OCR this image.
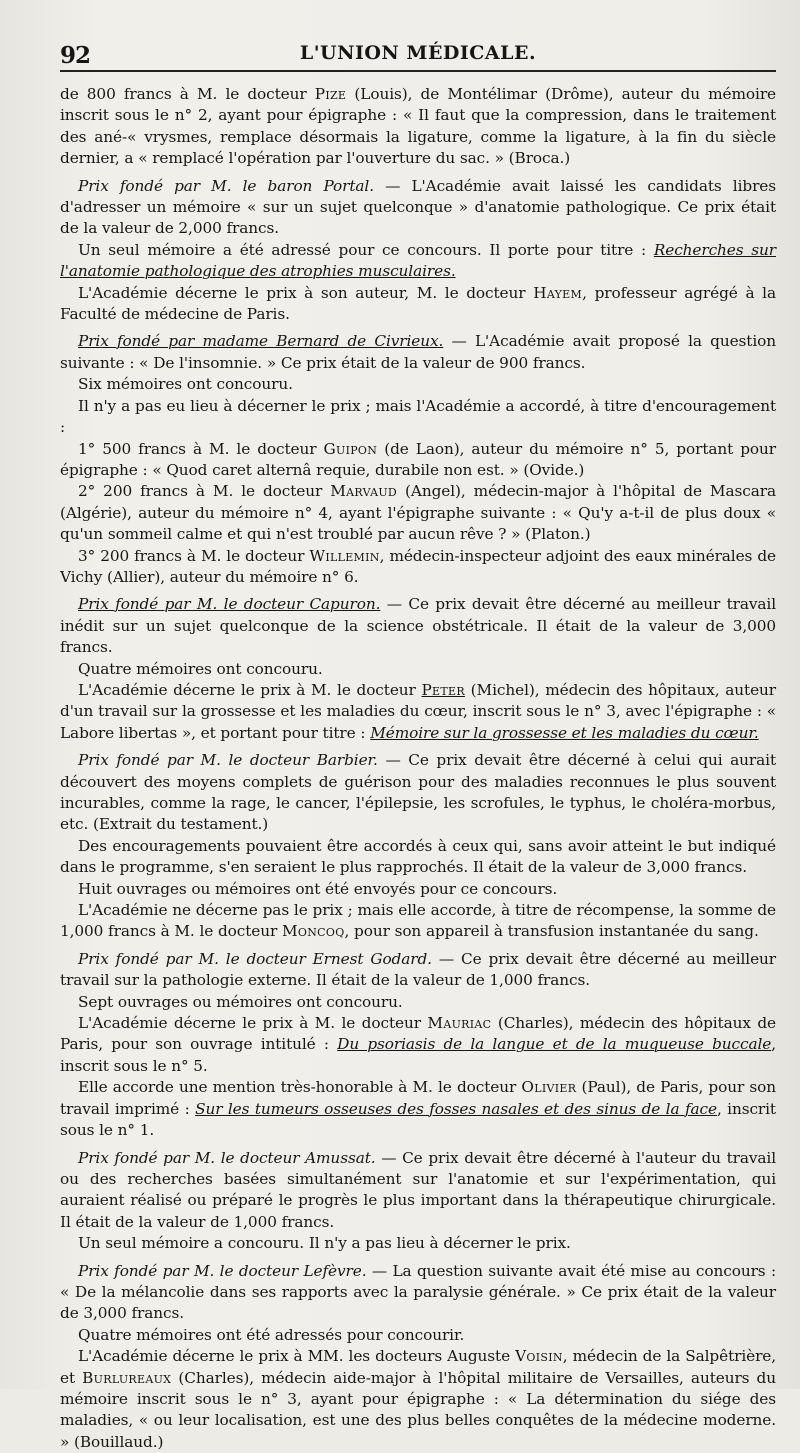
92	L'UNION MÉDICALE.

de 800 francs à M. le docteur Pize (Louis), de Montélimar (Drôme), auteur du mémoire inscrit sous le n° 2, ayant pour épigraphe : « Il faut que la compression, dans le traitement des ané-« vrysmes, remplace désormais la ligature, comme la ligature, à la fin du siècle dernier, a « remplacé l'opération par l'ouverture du sac. » (Broca.)

Prix fondé par M. le baron Portal. — L'Académie avait laissé les candidats libres d'adresser un mémoire « sur un sujet quelconque » d'anatomie pathologique. Ce prix était de la valeur de 2,000 francs.

Un seul mémoire a été adressé pour ce concours. Il porte pour titre : Recherches sur l'anatomie pathologique des atrophies musculaires.

L'Académie décerne le prix à son auteur, M. le docteur Hayem, professeur agrégé à la Faculté de médecine de Paris.

Prix fondé par madame Bernard de Civrieux. — L'Académie avait proposé la question suivante : « De l'insomnie. » Ce prix était de la valeur de 900 francs.

Six mémoires ont concouru.

Il n'y a pas eu lieu à décerner le prix ; mais l'Académie a accordé, à titre d'encouragement :

1° 500 francs à M. le docteur Guipon (de Laon), auteur du mémoire n° 5, portant pour épigraphe : « Quod caret alternâ requie, durabile non est. » (Ovide.)

2° 200 francs à M. le docteur Marvaud (Angel), médecin-major à l'hôpital de Mascara (Algérie), auteur du mémoire n° 4, ayant l'épigraphe suivante : « Qu'y a-t-il de plus doux « qu'un sommeil calme et qui n'est troublé par aucun rêve ? » (Platon.)

3° 200 francs à M. le docteur Willemin, médecin-inspecteur adjoint des eaux minérales de Vichy (Allier), auteur du mémoire n° 6.

Prix fondé par M. le docteur Capuron. — Ce prix devait être décerné au meilleur travail inédit sur un sujet quelconque de la science obstétricale. Il était de la valeur de 3,000 francs.

Quatre mémoires ont concouru.

L'Académie décerne le prix à M. le docteur Peter (Michel), médecin des hôpitaux, auteur d'un travail sur la grossesse et les maladies du cœur, inscrit sous le n° 3, avec l'épigraphe : « Labore libertas », et portant pour titre : Mémoire sur la grossesse et les maladies du cœur.

Prix fondé par M. le docteur Barbier. — Ce prix devait être décerné à celui qui aurait découvert des moyens complets de guérison pour des maladies reconnues le plus souvent incurables, comme la rage, le cancer, l'épilepsie, les scrofules, le typhus, le choléra-morbus, etc. (Extrait du testament.)

Des encouragements pouvaient être accordés à ceux qui, sans avoir atteint le but indiqué dans le programme, s'en seraient le plus rapprochés. Il était de la valeur de 3,000 francs.

Huit ouvrages ou mémoires ont été envoyés pour ce concours.

L'Académie ne décerne pas le prix ; mais elle accorde, à titre de récompense, la somme de 1,000 francs à M. le docteur Moncoq, pour son appareil à transfusion instantanée du sang.

Prix fondé par M. le docteur Ernest Godard. — Ce prix devait être décerné au meilleur travail sur la pathologie externe. Il était de la valeur de 1,000 francs.

Sept ouvrages ou mémoires ont concouru.

L'Académie décerne le prix à M. le docteur Mauriac (Charles), médecin des hôpitaux de Paris, pour son ouvrage intitulé : Du psoriasis de la langue et de la muqueuse buccale, inscrit sous le n° 5.

Elle accorde une mention très-honorable à M. le docteur Olivier (Paul), de Paris, pour son travail imprimé : Sur les tumeurs osseuses des fosses nasales et des sinus de la face, inscrit sous le n° 1.

Prix fondé par M. le docteur Amussat. — Ce prix devait être décerné à l'auteur du travail ou des recherches basées simultanément sur l'anatomie et sur l'expérimentation, qui auraient réalisé ou préparé le progrès le plus important dans la thérapeutique chirurgicale. Il était de la valeur de 1,000 francs.

Un seul mémoire a concouru. Il n'y a pas lieu à décerner le prix.

Prix fondé par M. le docteur Lefèvre. — La question suivante avait été mise au concours : « De la mélancolie dans ses rapports avec la paralysie générale. » Ce prix était de la valeur de 3,000 francs.

Quatre mémoires ont été adressés pour concourir.

L'Académie décerne le prix à MM. les docteurs Auguste Voisin, médecin de la Salpêtrière, et Burlureaux (Charles), médecin aide-major à l'hôpital militaire de Versailles, auteurs du mémoire inscrit sous le n° 3, ayant pour épigraphe : « La détermination du siége des maladies, « ou leur localisation, est une des plus belles conquêtes de la médecine moderne. » (Bouillaud.)
